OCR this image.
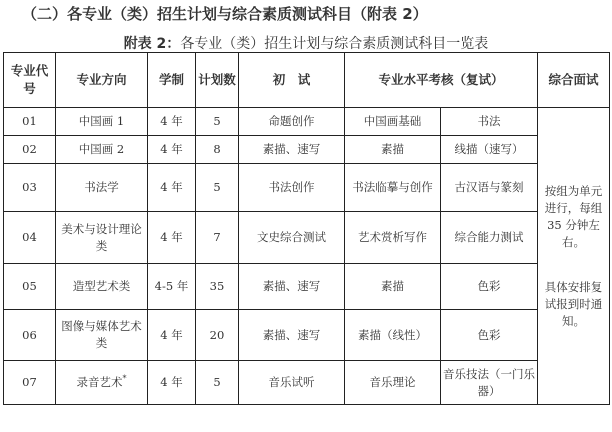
（二）各专业（类）招生计划与综合素质测试科目（附表 2）
附表 2：各专业（类）招生计划与综合素质测试科目一览表
专业代号	专业方向	学制	计划数	初　试	专业水平考核（复试）		综合面试
01	中国画 1	4 年	5	命题创作	中国画基础	书法	按组为单元进行，每组 35 分钟左右。

具体安排复试报到时通知。

02	中国画 2	4 年	8	素描、速写	素描	线描（速写）	
03	书法学	4 年	5	书法创作	书法临摹与创作	古汉语与篆刻	
04	美术与设计理论类	4 年	7	文史综合测试	艺术赏析写作	综合能力测试	
05	造型艺术类	4-5 年	35	素描、速写	素描	色彩	
06	图像与媒体艺术类	4 年	20	素描、速写	素描（线性）	色彩	
07	录音艺术*	4 年	5	音乐试听	音乐理论	音乐技法（一门乐器）	
